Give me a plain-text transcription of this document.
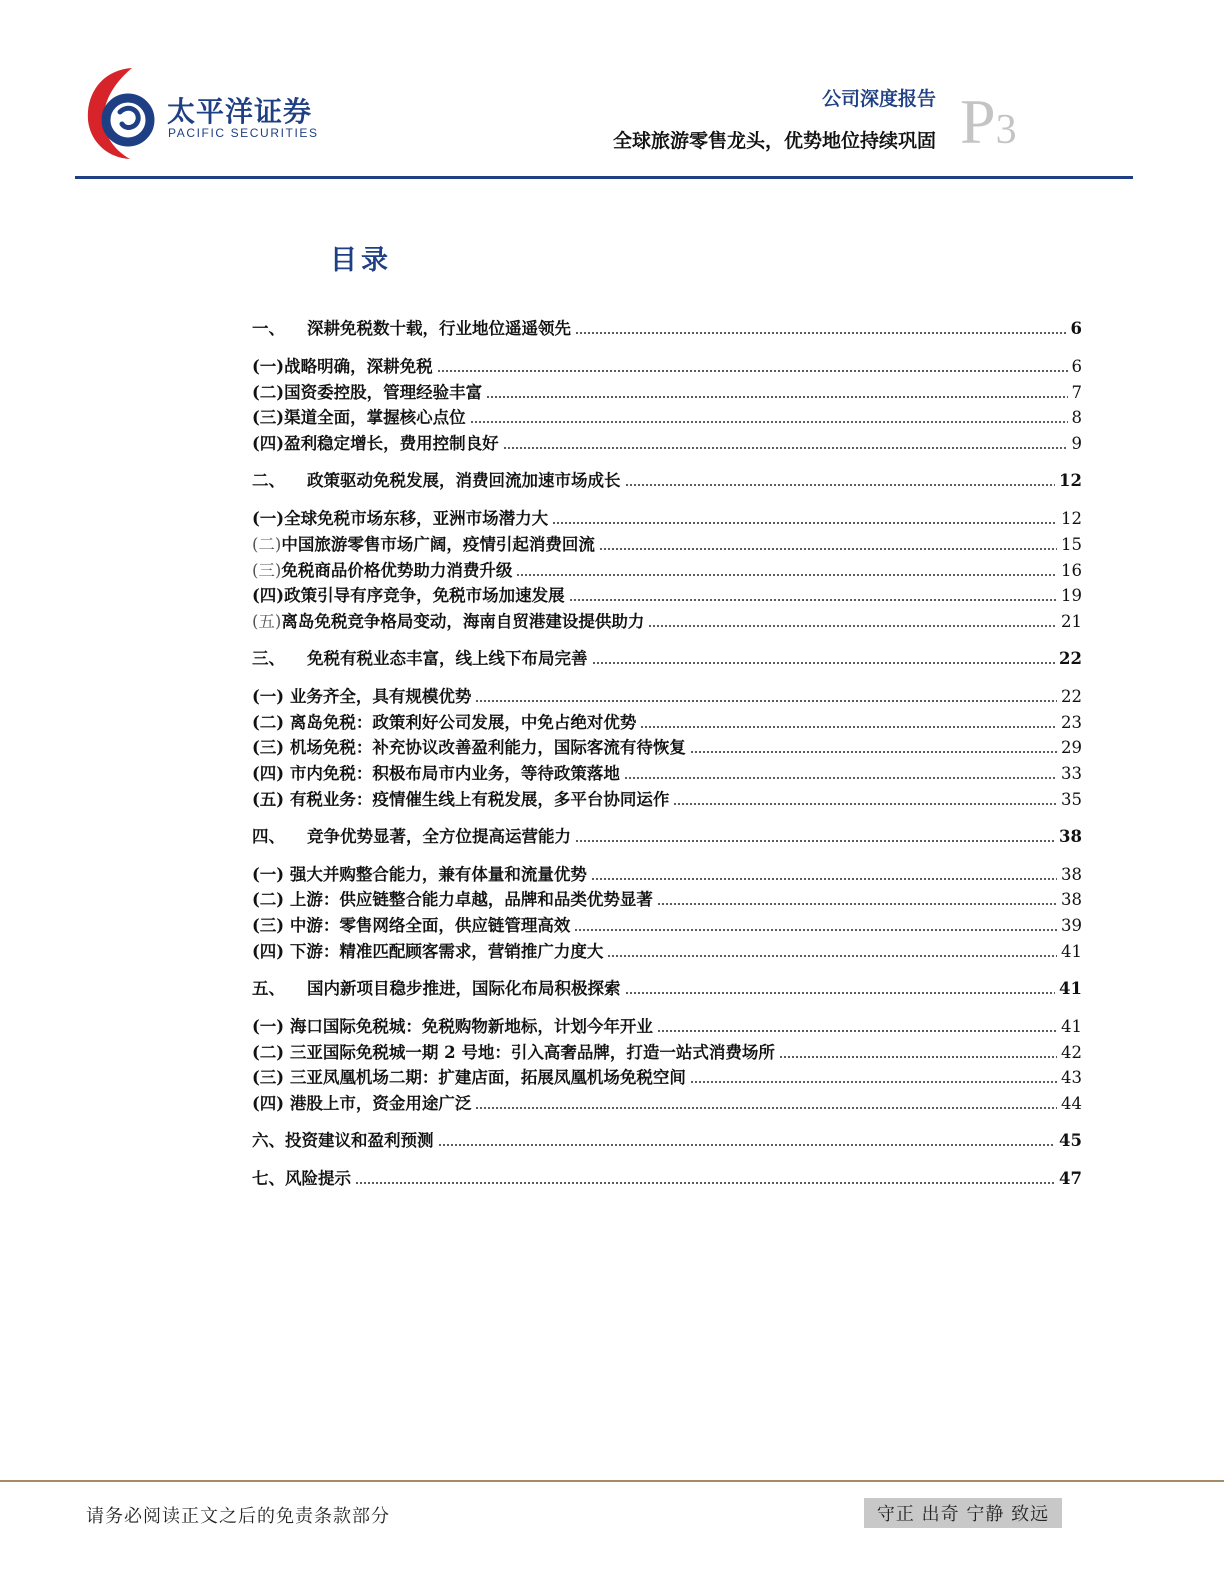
太平洋证券
PACIFIC SECURITIES
公司深度报告
全球旅游零售龙头，优势地位持续巩固 P3
目录
一、 深耕免税数十载，行业地位遥遥领先	6
(一)战略明确，深耕免税	6
(二)国资委控股，管理经验丰富	7
(三)渠道全面，掌握核心点位	8
(四)盈利稳定增长，费用控制良好	9
二、 政策驱动免税发展，消费回流加速市场成长	12
(一)全球免税市场东移，亚洲市场潜力大	12
(二)中国旅游零售市场广阔，疫情引起消费回流	15
(三)免税商品价格优势助力消费升级	16
(四)政策引导有序竞争，免税市场加速发展	19
(五)离岛免税竞争格局变动，海南自贸港建设提供助力	21
三、 免税有税业态丰富，线上线下布局完善	22
(一) 业务齐全，具有规模优势	22
(二) 离岛免税：政策利好公司发展，中免占绝对优势	23
(三) 机场免税：补充协议改善盈利能力，国际客流有待恢复	29
(四) 市内免税：积极布局市内业务，等待政策落地	33
(五) 有税业务：疫情催生线上有税发展，多平台协同运作	35
四、 竞争优势显著，全方位提高运营能力	38
(一) 强大并购整合能力，兼有体量和流量优势	38
(二) 上游：供应链整合能力卓越，品牌和品类优势显著	38
(三) 中游：零售网络全面，供应链管理高效	39
(四) 下游：精准匹配顾客需求，营销推广力度大	41
五、 国内新项目稳步推进，国际化布局积极探索	41
(一) 海口国际免税城：免税购物新地标，计划今年开业	41
(二) 三亚国际免税城一期 2 号地：引入高奢品牌，打造一站式消费场所	42
(三) 三亚凤凰机场二期：扩建店面，拓展凤凰机场免税空间	43
(四) 港股上市，资金用途广泛	44
六、投资建议和盈利预测	45
七、风险提示	47
请务必阅读正文之后的免责条款部分	守正 出奇 宁静 致远
